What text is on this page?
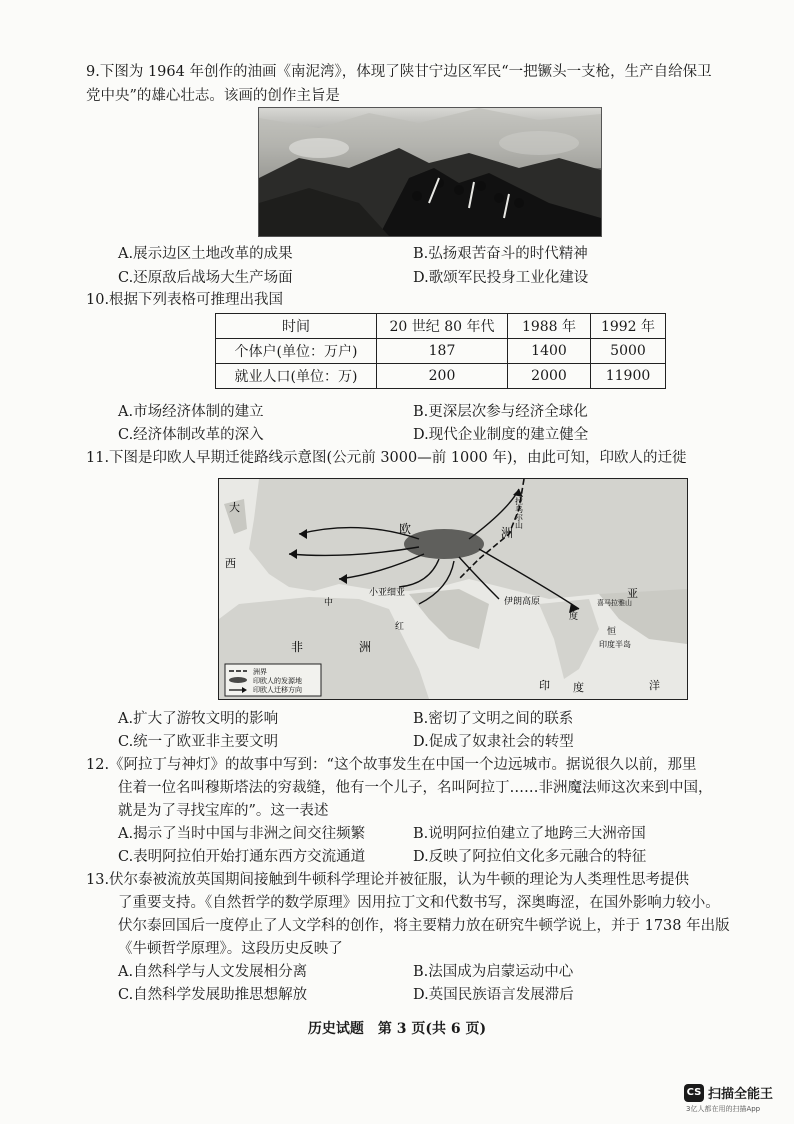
9.下图为 1964 年创作的油画《南泥湾》，体现了陕甘宁边区军民“一把镢头一支枪，生产自给保卫
党中央”的雄心壮志。该画的创作主旨是
A.展示边区土地改革的成果	B.弘扬艰苦奋斗的时代精神
C.还原敌后战场大生产场面	D.歌颂军民投身工业化建设
10.根据下列表格可推理出我国
时间	20 世纪 80 年代	1988 年	1992 年
个体户(单位：万户)	187	1400	5000
就业人口(单位：万)	200	2000	11900
A.市场经济体制的建立	B.更深层次参与经济全球化
C.经济体制改革的深入	D.现代企业制度的建立健全
11.下图是印欧人早期迁徙路线示意图(公元前 3000—前 1000 年)，由此可知，印欧人的迁徙
大
欧	洲
拉乌尔山
西
小亚细亚
伊朗高原
非	洲	印度半岛
喜马拉雅山
亚
度
恒
印 度	洋
红
中
洲界
印欧人的发源地
印欧人迁移方向
A.扩大了游牧文明的影响	B.密切了文明之间的联系
C.统一了欧亚非主要文明	D.促成了奴隶社会的转型
12.《阿拉丁与神灯》的故事中写到：“这个故事发生在中国一个边远城市。据说很久以前，那里
住着一位名叫穆斯塔法的穷裁缝，他有一个儿子，名叫阿拉丁……非洲魔法师这次来到中国，
就是为了寻找宝库的”。这一表述
A.揭示了当时中国与非洲之间交往频繁	B.说明阿拉伯建立了地跨三大洲帝国
C.表明阿拉伯开始打通东西方交流通道	D.反映了阿拉伯文化多元融合的特征
13.伏尔泰被流放英国期间接触到牛顿科学理论并被征服，认为牛顿的理论为人类理性思考提供
了重要支持。《自然哲学的数学原理》因用拉丁文和代数书写，深奥晦涩，在国外影响力较小。
伏尔泰回国后一度停止了人文学科的创作，将主要精力放在研究牛顿学说上，并于 1738 年出版
《牛顿哲学原理》。这段历史反映了
A.自然科学与人文发展相分离	B.法国成为启蒙运动中心
C.自然科学发展助推思想解放	D.英国民族语言发展滞后
历史试题　第 3 页(共 6 页)
CS 扫描全能王
3亿人都在用的扫描App
